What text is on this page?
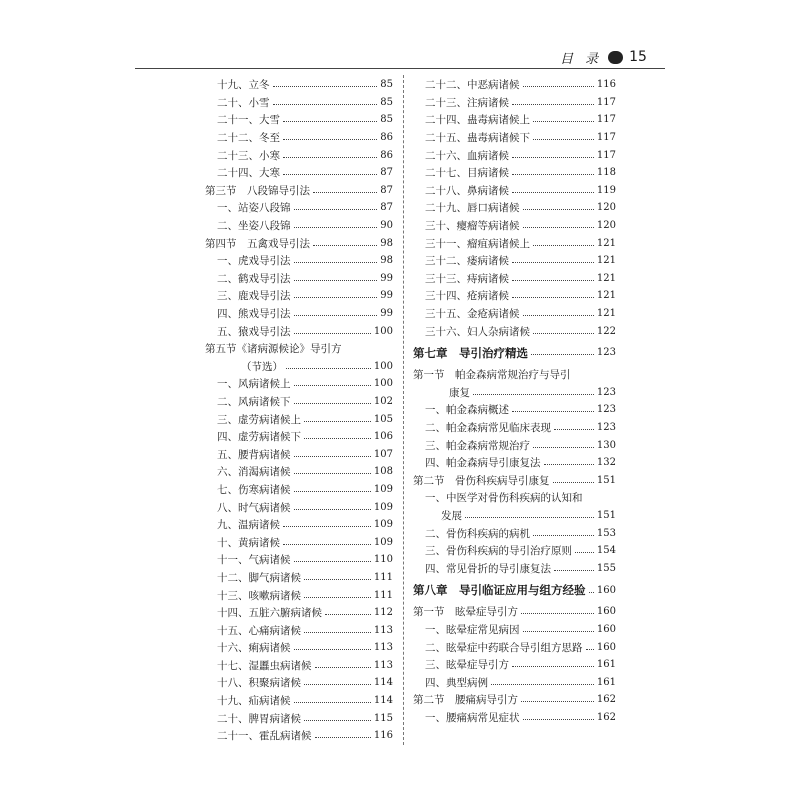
目 录 15
十九、立冬	85
二十、小雪	85
二十一、大雪	85
二十二、冬至	86
二十三、小寒	86
二十四、大寒	87
第三节　八段锦导引法	87
一、站姿八段锦	87
二、坐姿八段锦	90
第四节　五禽戏导引法	98
一、虎戏导引法	98
二、鹤戏导引法	99
三、鹿戏导引法	99
四、熊戏导引法	99
五、猿戏导引法	100
第五节《诸病源候论》导引方
（节选）	100
一、风病诸候上	100
二、风病诸候下	102
三、虚劳病诸候上	105
四、虚劳病诸候下	106
五、腰背病诸候	107
六、消渴病诸候	108
七、伤寒病诸候	109
八、时气病诸候	109
九、温病诸候	109
十、黄病诸候	109
十一、气病诸候	110
十二、脚气病诸候	111
十三、咳嗽病诸候	111
十四、五脏六腑病诸候	112
十五、心痛病诸候	113
十六、痢病诸候	113
十七、湿䘌虫病诸候	113
十八、积聚病诸候	114
十九、疝病诸候	114
二十、脾胃病诸候	115
二十一、霍乱病诸候	116
二十二、中恶病诸候	116
二十三、注病诸候	117
二十四、蛊毒病诸候上	117
二十五、蛊毒病诸候下	117
二十六、血病诸候	117
二十七、目病诸候	118
二十八、鼻病诸候	119
二十九、唇口病诸候	120
三十、瘿瘤等病诸候	120
三十一、瘤疽病诸候上	121
三十二、瘘病诸候	121
三十三、痔病诸候	121
三十四、疮病诸候	121
三十五、金疮病诸候	121
三十六、妇人杂病诸候	122
第七章　导引治疗精选	123
第一节　帕金森病常规治疗与导引
康复	123
一、帕金森病概述	123
二、帕金森病常见临床表现	123
三、帕金森病常规治疗	130
四、帕金森病导引康复法	132
第二节　骨伤科疾病导引康复	151
一、中医学对骨伤科疾病的认知和
发展	151
二、骨伤科疾病的病机	153
三、骨伤科疾病的导引治疗原则 154
四、常见骨折的导引康复法	155
第八章　导引临证应用与组方经验 160
第一节　眩晕症导引方	160
一、眩晕症常见病因	160
二、眩晕症中药联合导引组方思路 160
三、眩晕症导引方	161
四、典型病例	161
第二节　腰痛病导引方	162
一、腰痛病常见症状	162
